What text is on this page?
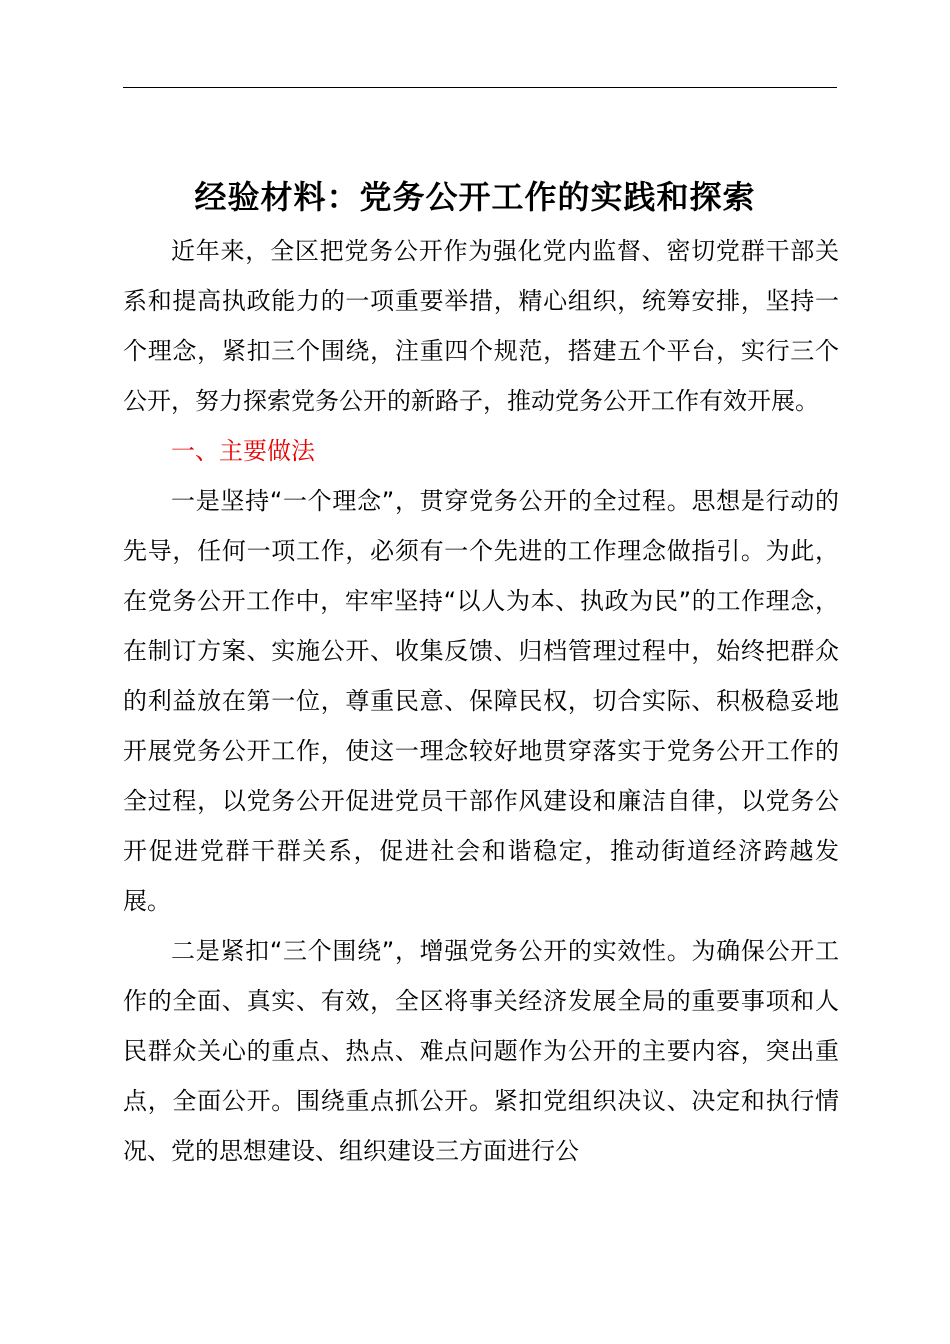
经验材料：党务公开工作的实践和探索

近年来，全区把党务公开作为强化党内监督、密切党群干部关系和提高执政能力的一项重要举措，精心组织，统筹安排，坚持一个理念，紧扣三个围绕，注重四个规范，搭建五个平台，实行三个公开，努力探索党务公开的新路子，推动党务公开工作有效开展。

一、主要做法

一是坚持“一个理念”，贯穿党务公开的全过程。思想是行动的先导，任何一项工作，必须有一个先进的工作理念做指引。为此，在党务公开工作中，牢牢坚持“以人为本、执政为民”的工作理念，在制订方案、实施公开、收集反馈、归档管理过程中，始终把群众的利益放在第一位，尊重民意、保障民权，切合实际、积极稳妥地开展党务公开工作，使这一理念较好地贯穿落实于党务公开工作的全过程，以党务公开促进党员干部作风建设和廉洁自律，以党务公开促进党群干群关系，促进社会和谐稳定，推动街道经济跨越发展。

二是紧扣“三个围绕”，增强党务公开的实效性。为确保公开工作的全面、真实、有效，全区将事关经济发展全局的重要事项和人民群众关心的重点、热点、难点问题作为公开的主要内容，突出重点，全面公开。围绕重点抓公开。紧扣党组织决议、决定和执行情况、党的思想建设、组织建设三方面进行公
